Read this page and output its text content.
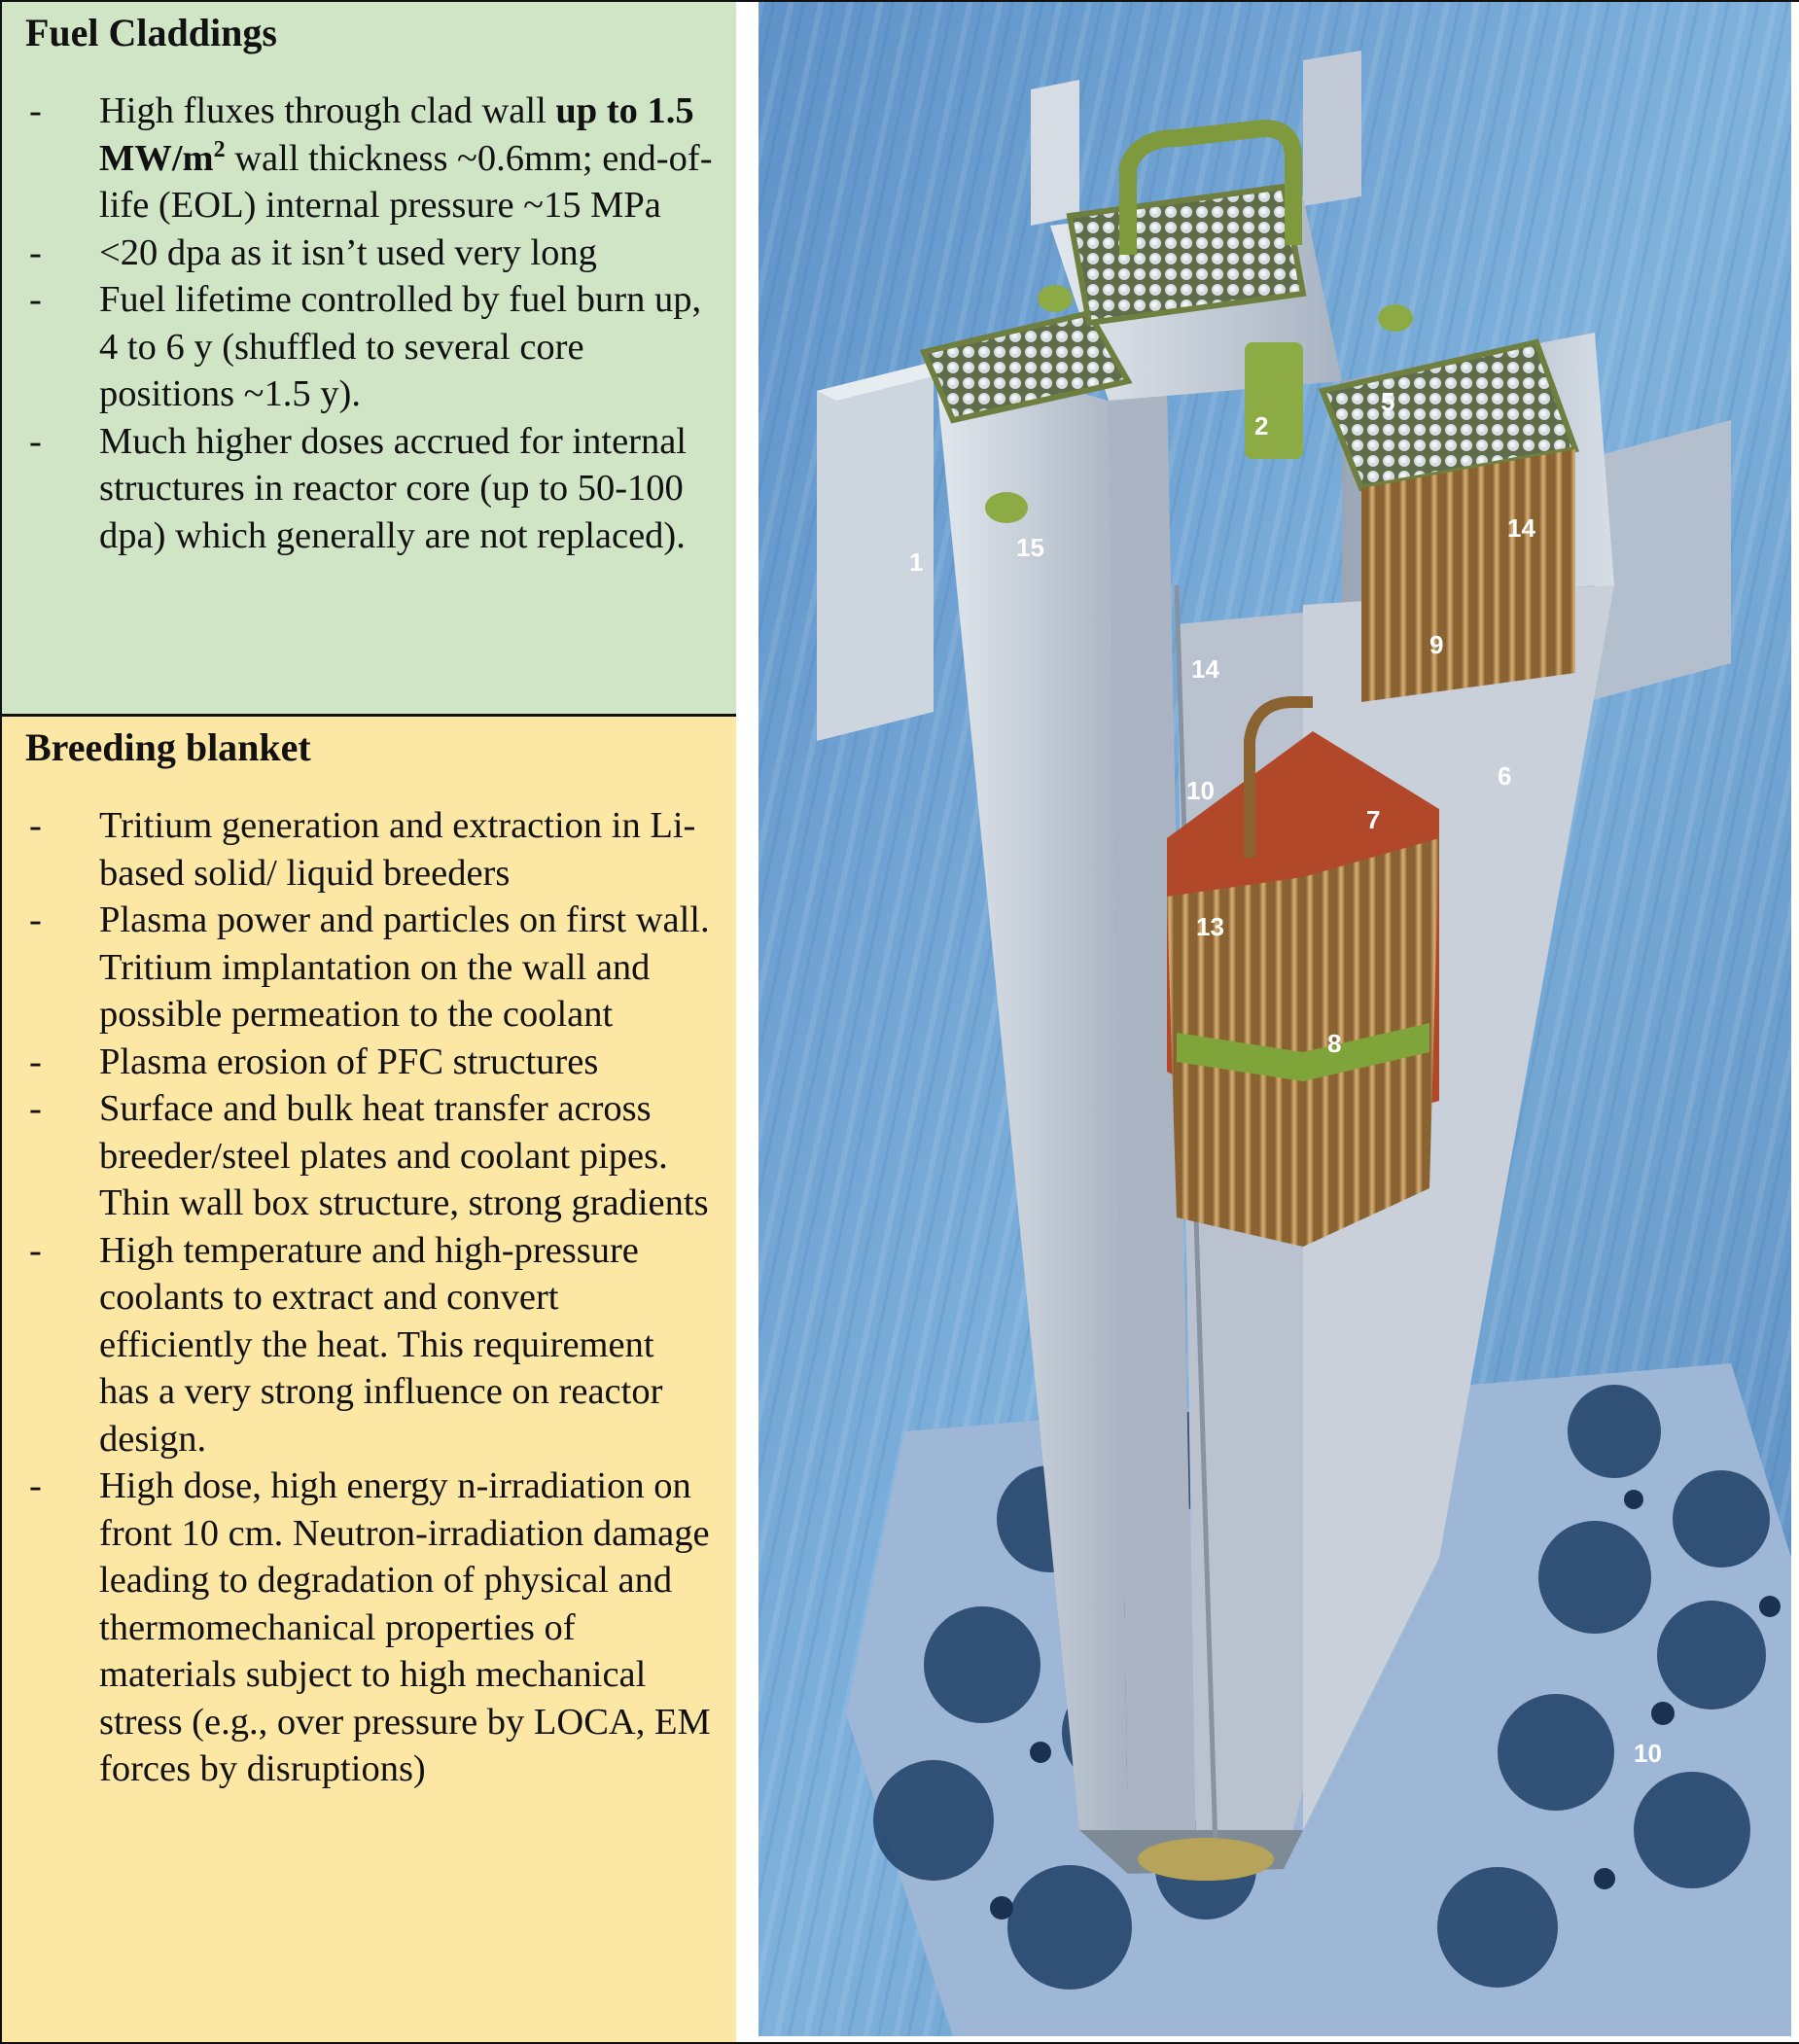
Fuel Claddings
-	High fluxes through clad wall up to 1.5 $MW/m^2$ wall thickness ~0.6mm; end-of-life (EOL) internal pressure ~15 MPa
-	<20 dpa as it isn’t used very long
-	Fuel lifetime controlled by fuel burn up, 4 to 6 y (shuffled to several core positions ~1.5 y).
-	Much higher doses accrued for internal structures in reactor core (up to 50-100 dpa) which generally are not replaced).
Breeding blanket
-	Tritium generation and extraction in Li-based solid/ liquid breeders
-	Plasma power and particles on first wall. Tritium implantation on the wall and possible permeation to the coolant
-	Plasma erosion of PFC structures
-	Surface and bulk heat transfer across breeder/steel plates and coolant pipes. Thin wall box structure, strong gradients
-	High temperature and high-pressure coolants to extract and convert efficiently the heat. This requirement has a very strong influence on reactor design.
-	High dose, high energy n-irradiation on front 10 cm. Neutron-irradiation damage leading to degradation of physical and thermomechanical properties of materials subject to high mechanical stress (e.g., over pressure by LOCA, EM forces by disruptions)
1
2
5
6
7
8
9
10
10
13
14
14
15
